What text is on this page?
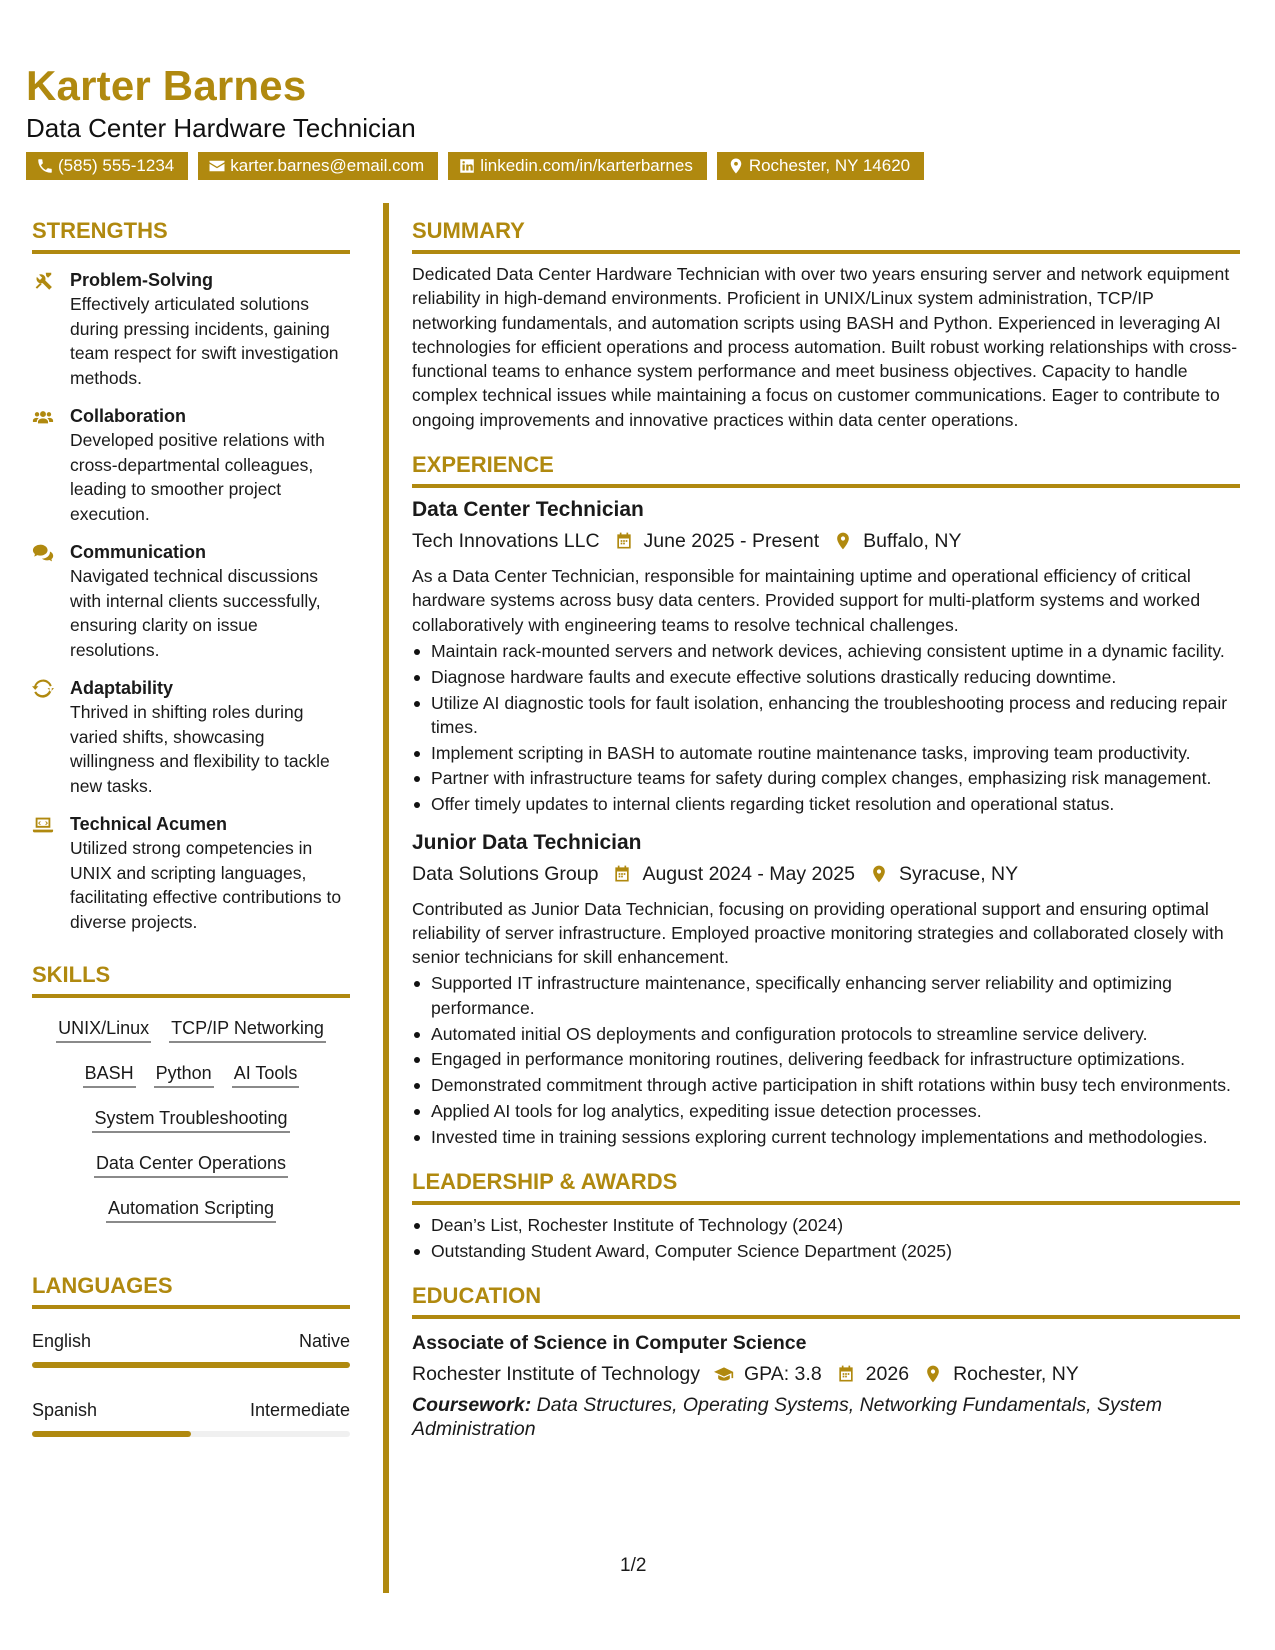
Karter Barnes
Data Center Hardware Technician
(585) 555-1234	karter.barnes@email.com	linkedin.com/in/karterbarnes	Rochester, NY 14620
STRENGTHS
Problem-Solving
Effectively articulated solutions during pressing incidents, gaining team respect for swift investigation methods.
Collaboration
Developed positive relations with cross-departmental colleagues, leading to smoother project execution.
Communication
Navigated technical discussions with internal clients successfully, ensuring clarity on issue resolutions.
Adaptability
Thrived in shifting roles during varied shifts, showcasing willingness and flexibility to tackle new tasks.
Technical Acumen
Utilized strong competencies in UNIX and scripting languages, facilitating effective contributions to diverse projects.
SKILLS
UNIX/Linux TCP/IP Networking
BASH Python AI Tools
System Troubleshooting
Data Center Operations
Automation Scripting
LANGUAGES
English	Native
Spanish	Intermediate
SUMMARY
Dedicated Data Center Hardware Technician with over two years ensuring server and network equipment reliability in high-demand environments. Proficient in UNIX/Linux system administration, TCP/IP networking fundamentals, and automation scripts using BASH and Python. Experienced in leveraging AI technologies for efficient operations and process automation. Built robust working relationships with cross-functional teams to enhance system performance and meet business objectives. Capacity to handle complex technical issues while maintaining a focus on customer communications. Eager to contribute to ongoing improvements and innovative practices within data center operations.
EXPERIENCE
Data Center Technician
Tech Innovations LLC June 2025 - Present Buffalo, NY
As a Data Center Technician, responsible for maintaining uptime and operational efficiency of critical hardware systems across busy data centers. Provided support for multi-platform systems and worked collaboratively with engineering teams to resolve technical challenges.
Maintain rack-mounted servers and network devices, achieving consistent uptime in a dynamic facility.
Diagnose hardware faults and execute effective solutions drastically reducing downtime.
Utilize AI diagnostic tools for fault isolation, enhancing the troubleshooting process and reducing repair times.
Implement scripting in BASH to automate routine maintenance tasks, improving team productivity.
Partner with infrastructure teams for safety during complex changes, emphasizing risk management.
Offer timely updates to internal clients regarding ticket resolution and operational status.
Junior Data Technician
Data Solutions Group August 2024 - May 2025 Syracuse, NY
Contributed as Junior Data Technician, focusing on providing operational support and ensuring optimal reliability of server infrastructure. Employed proactive monitoring strategies and collaborated closely with senior technicians for skill enhancement.
Supported IT infrastructure maintenance, specifically enhancing server reliability and optimizing performance.
Automated initial OS deployments and configuration protocols to streamline service delivery.
Engaged in performance monitoring routines, delivering feedback for infrastructure optimizations.
Demonstrated commitment through active participation in shift rotations within busy tech environments.
Applied AI tools for log analytics, expediting issue detection processes.
Invested time in training sessions exploring current technology implementations and methodologies.
LEADERSHIP & AWARDS
Dean’s List, Rochester Institute of Technology (2024)
Outstanding Student Award, Computer Science Department (2025)
EDUCATION
Associate of Science in Computer Science
Rochester Institute of Technology GPA: 3.8 2026 Rochester, NY
Coursework: Data Structures, Operating Systems, Networking Fundamentals, System Administration
1/2
